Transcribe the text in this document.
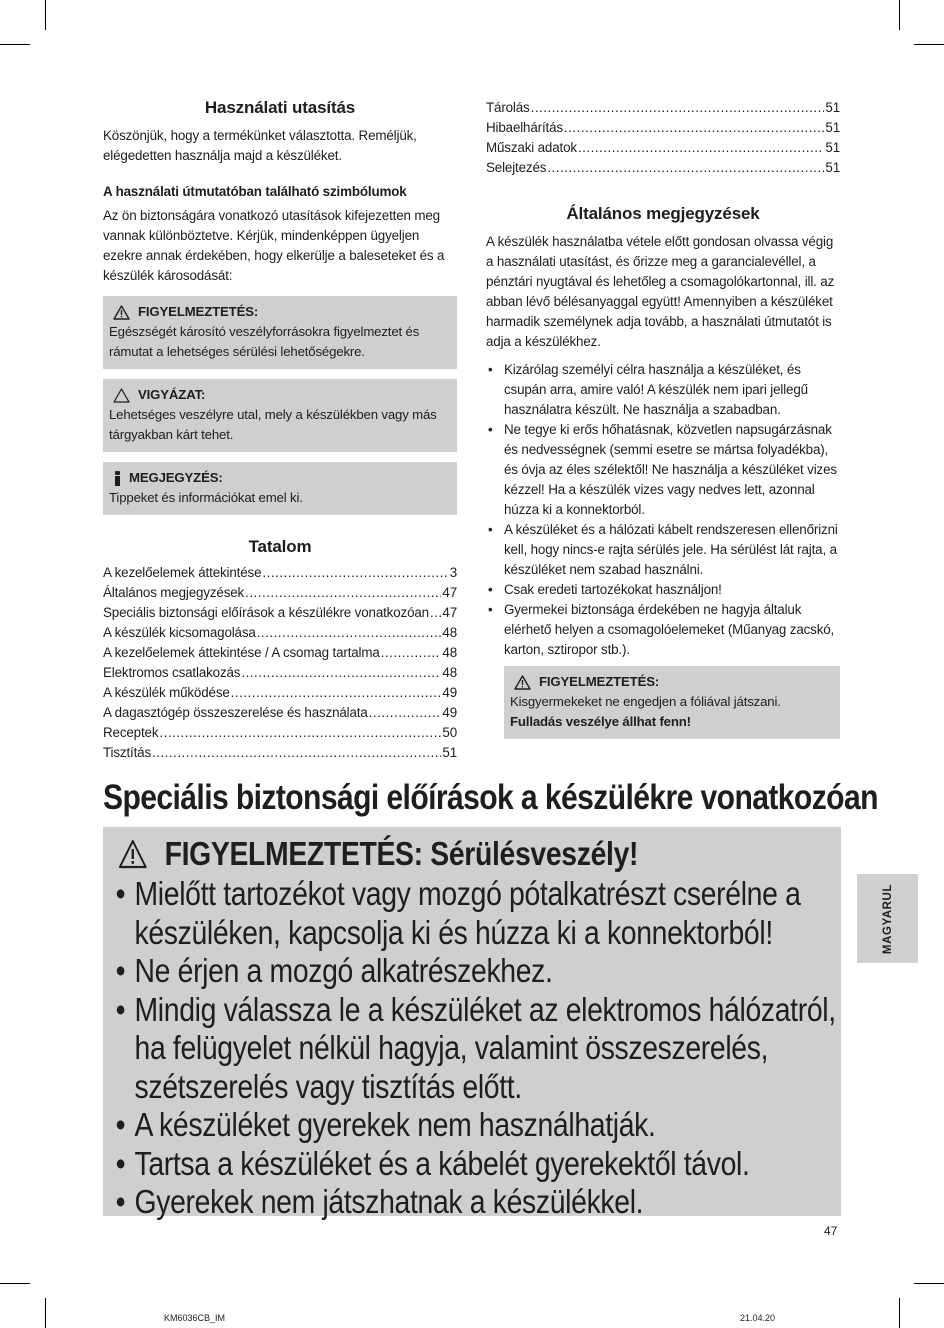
Használati utasítás
Köszönjük, hogy a termékünket választotta. Reméljük, elégedetten használja majd a készüléket.
A használati útmutatóban található szimbólumok
Az ön biztonságára vonatkozó utasítások kifejezetten meg vannak különböztetve. Kérjük, mindenképpen ügyeljen ezekre annak érdekében, hogy elkerülje a baleseteket és a készülék károsodását:
FIGYELMEZTETÉS:
Egészségét károsító veszélyforrásokra figyelmeztet és rámutat a lehetséges sérülési lehetőségekre.
VIGYÁZAT:
Lehetséges veszélyre utal, mely a készülékben vagy más tárgyakban kárt tehet.
MEGJEGYZÉS:
Tippeket és információkat emel ki.
Tatalom
A kezelőelemek áttekintése .....	3
Általános megjegyzések .....	47
Speciális biztonsági előírások a készülékre vonatkozóan ..... 47
A készülék kicsomagolása .....	48
A kezelőelemek áttekintése / A csomag tartalma .....	48
Elektromos csatlakozás .....	48
A készülék működése .....	49
A dagasztógép összeszerelése és használata .....	49
Receptek .....	50
Tisztítás .....	51
Tárolás .....	51
Hibaelhárítás .....	51
Műszaki adatok .....	51
Selejtezés .....	51
Általános megjegyzések
A készülék használatba vétele előtt gondosan olvassa végig a használati utasítást, és őrizze meg a garancialevéllel, a pénztári nyugtával és lehetőleg a csomagolókartonnal, ill. az abban lévő bélésanyaggal együtt! Amennyiben a készüléket harmadik személynek adja tovább, a használati útmutatót is adja a készülékhez.
• Kizárólag személyi célra használja a készüléket, és csupán arra, amire való! A készülék nem ipari jellegű használatra készült. Ne használja a szabadban.
• Ne tegye ki erős hőhatásnak, közvetlen napsugárzásnak és nedvességnek (semmi esetre se mártsa folyadékba), és óvja az éles szélektől! Ne használja a készüléket vizes kézzel! Ha a készülék vizes vagy nedves lett, azonnal húzza ki a konnektorból.
• A készüléket és a hálózati kábelt rendszeresen ellenőrizni kell, hogy nincs-e rajta sérülés jele. Ha sérülést lát rajta, a készüléket nem szabad használni.
• Csak eredeti tartozékokat használjon!
• Gyermekei biztonsága érdekében ne hagyja általuk elérhető helyen a csomagolóelemeket (Műanyag zacskó, karton, sztiropor stb.).
FIGYELMEZTETÉS:
Kisgyermekeket ne engedjen a fóliával játszani.
Fulladás veszélye állhat fenn!
Speciális biztonsági előírások a készülékre vonatkozóan
FIGYELMEZTETÉS: Sérülésveszély!
• Mielőtt tartozékot vagy mozgó pótalkatrészt cserélne a készüléken, kapcsolja ki és húzza ki a konnektorból!
• Ne érjen a mozgó alkatrészekhez.
• Mindig válassza le a készüléket az elektromos hálózatról, ha felügyelet nélkül hagyja, valamint összeszerelés, szétszerelés vagy tisztítás előtt.
• A készüléket gyerekek nem használhatják.
• Tartsa a készüléket és a kábelét gyerekektől távol.
• Gyerekek nem játszhatnak a készülékkel.
MAGYARUL
47
KM6036CB_IM	21.04.20
